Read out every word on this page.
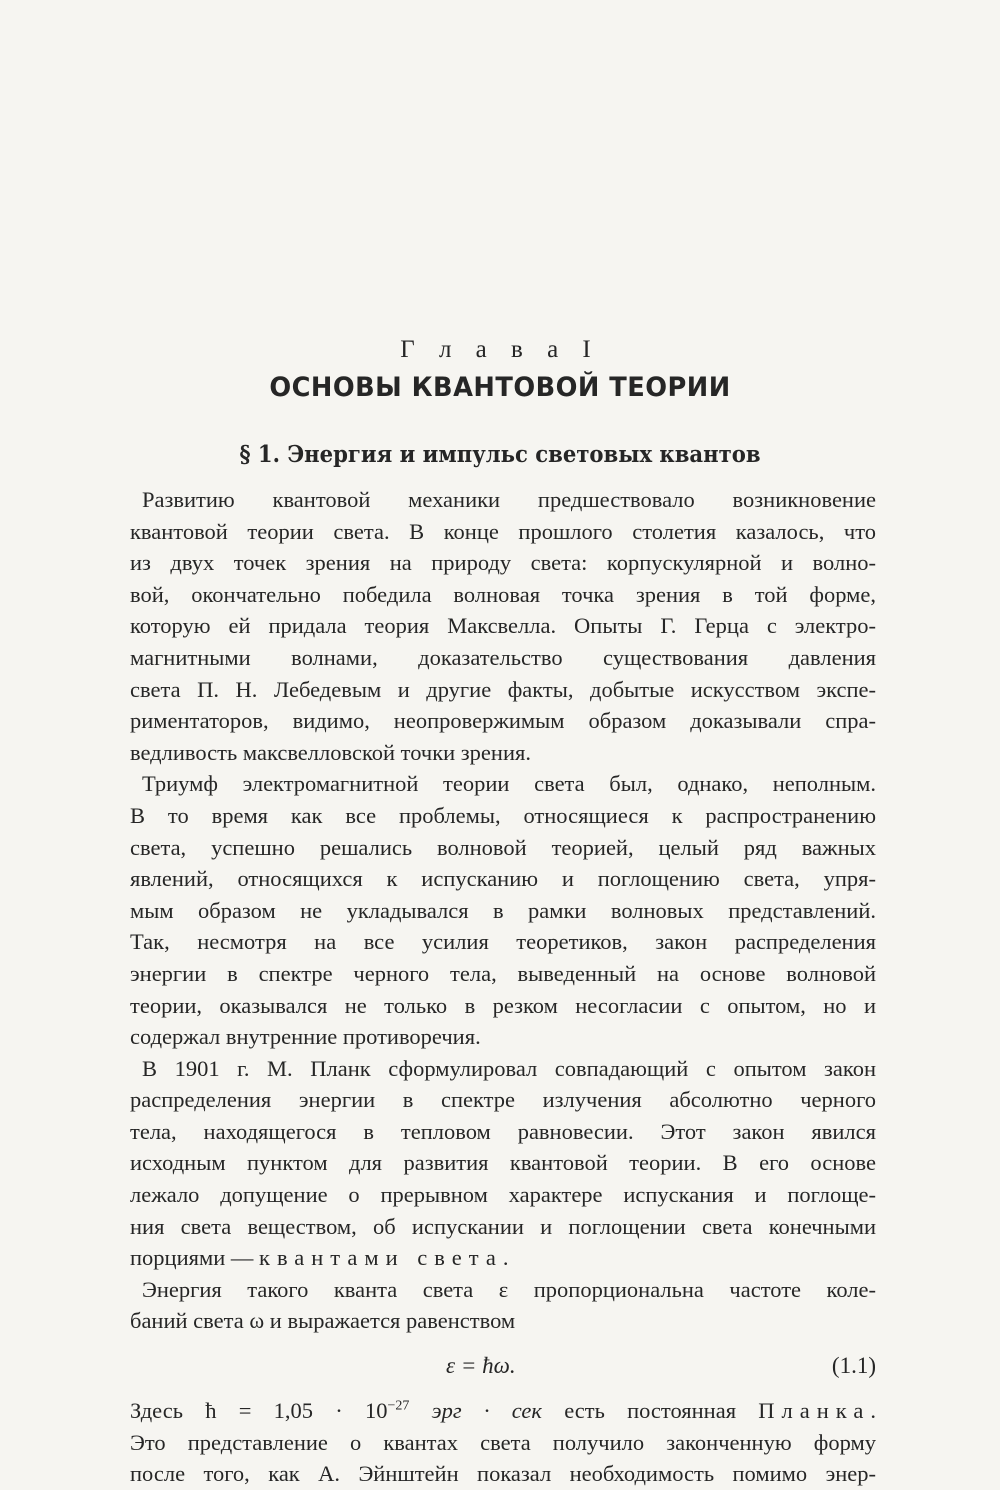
Г л а в а I
ОСНОВЫ КВАНТОВОЙ ТЕОРИИ
§ 1. Энергия и импульс световых квантов
Развитию квантовой механики предшествовало возникновение
квантовой теории света. В конце прошлого столетия казалось, что
из двух точек зрения на природу света: корпускулярной и волно-
вой, окончательно победила волновая точка зрения в той форме,
которую ей придала теория Максвелла. Опыты Г. Герца с электро-
магнитными волнами, доказательство существования давления
света П. Н. Лебедевым и другие факты, добытые искусством экспе-
риментаторов, видимо, неопровержимым образом доказывали спра-
ведливость максвелловской точки зрения.
Триумф электромагнитной теории света был, однако, неполным.
В то время как все проблемы, относящиеся к распространению
света, успешно решались волновой теорией, целый ряд важных
явлений, относящихся к испусканию и поглощению света, упря-
мым образом не укладывался в рамки волновых представлений.
Так, несмотря на все усилия теоретиков, закон распределения
энергии в спектре черного тела, выведенный на основе волновой
теории, оказывался не только в резком несогласии с опытом, но и
содержал внутренние противоречия.
В 1901 г. М. Планк сформулировал совпадающий с опытом закон
распределения энергии в спектре излучения абсолютно черного
тела, находящегося в тепловом равновесии. Этот закон явился
исходным пунктом для развития квантовой теории. В его основе
лежало допущение о прерывном характере испускания и поглоще-
ния света веществом, об испускании и поглощении света конечными
порциями — квантами света.
Энергия такого кванта света ε пропорциональна частоте коле-
баний света ω и выражается равенством
ε = ħω.	(1.1)
Здесь ħ = $1,05 \cdot 10^{-27}$ эрг · сек есть постоянная Планка.
Это представление о квантах света получило законченную форму
после того, как А. Эйнштейн показал необходимость помимо энер-
